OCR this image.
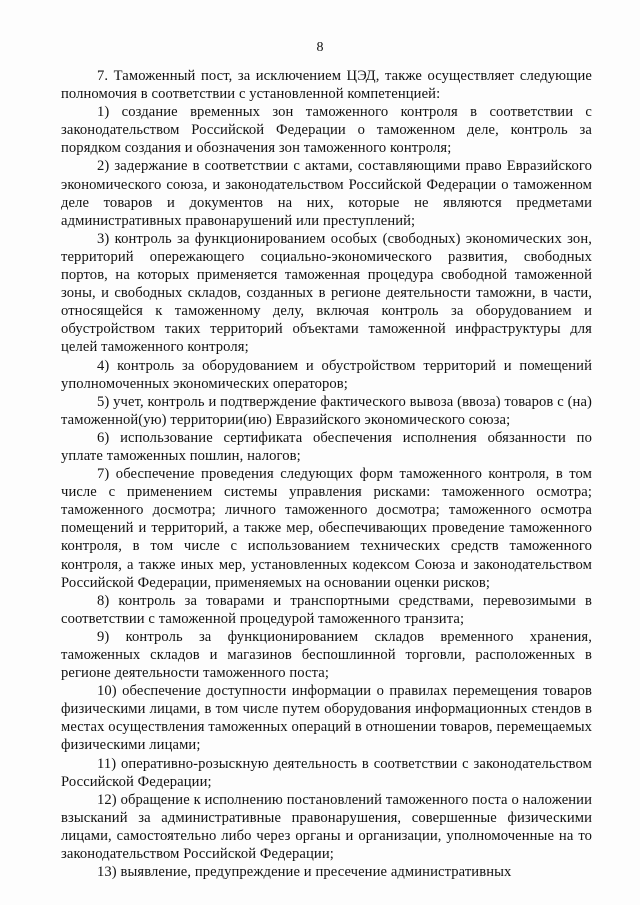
8

7. Таможенный пост, за исключением ЦЭД, также осуществляет следующие полномочия в соответствии с установленной компетенцией:

1) создание временных зон таможенного контроля в соответствии с законодательством Российской Федерации о таможенном деле, контроль за порядком создания и обозначения зон таможенного контроля;

2) задержание в соответствии с актами, составляющими право Евразийского экономического союза, и законодательством Российской Федерации о таможенном деле товаров и документов на них, которые не являются предметами административных правонарушений или преступлений;

3) контроль за функционированием особых (свободных) экономических зон, территорий опережающего социально-экономического развития, свободных портов, на которых применяется таможенная процедура свободной таможенной зоны, и свободных складов, созданных в регионе деятельности таможни, в части, относящейся к таможенному делу, включая контроль за оборудованием и обустройством таких территорий объектами таможенной инфраструктуры для целей таможенного контроля;

4) контроль за оборудованием и обустройством территорий и помещений уполномоченных экономических операторов;

5) учет, контроль и подтверждение фактического вывоза (ввоза) товаров с (на) таможенной(ую) территории(ию) Евразийского экономического союза;

6) использование сертификата обеспечения исполнения обязанности по уплате таможенных пошлин, налогов;

7) обеспечение проведения следующих форм таможенного контроля, в том числе с применением системы управления рисками: таможенного осмотра; таможенного досмотра; личного таможенного досмотра; таможенного осмотра помещений и территорий, а также мер, обеспечивающих проведение таможенного контроля, в том числе с использованием технических средств таможенного контроля, а также иных мер, установленных кодексом Союза и законодательством Российской Федерации, применяемых на основании оценки рисков;

8) контроль за товарами и транспортными средствами, перевозимыми в соответствии с таможенной процедурой таможенного транзита;

9) контроль за функционированием складов временного хранения, таможенных складов и магазинов беспошлинной торговли, расположенных в регионе деятельности таможенного поста;

10) обеспечение доступности информации о правилах перемещения товаров физическими лицами, в том числе путем оборудования информационных стендов в местах осуществления таможенных операций в отношении товаров, перемещаемых физическими лицами;

11) оперативно-розыскную деятельность в соответствии с законодательством Российской Федерации;

12) обращение к исполнению постановлений таможенного поста о наложении взысканий за административные правонарушения, совершенные физическими лицами, самостоятельно либо через органы и организации, уполномоченные на то законодательством Российской Федерации;

13) выявление, предупреждение и пресечение административных
